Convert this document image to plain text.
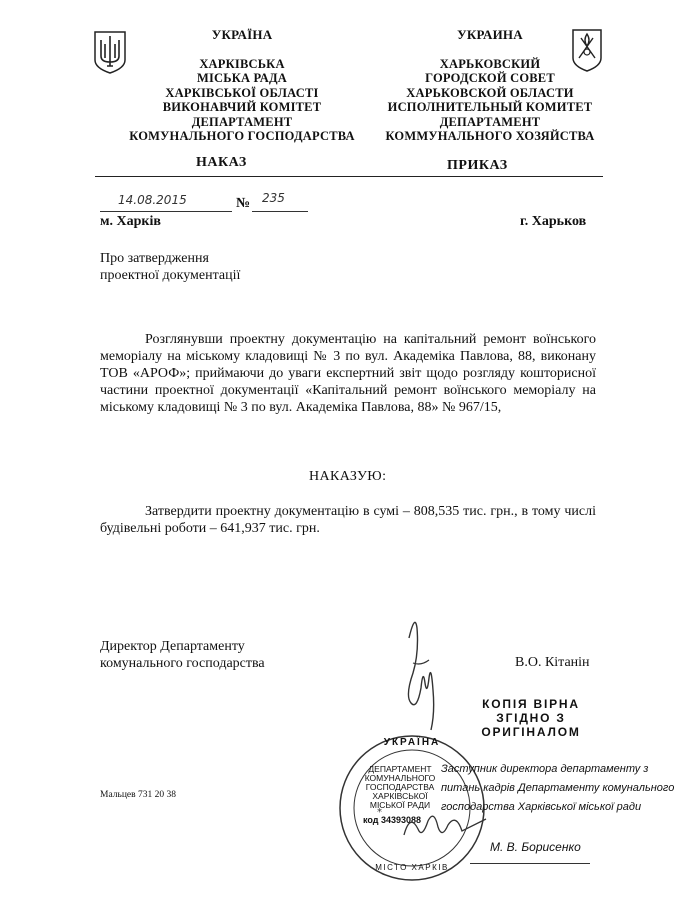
УКРАЇНА
ХАРКІВСЬКА
МІСЬКА РАДА
ХАРКІВСЬКОЇ ОБЛАСТІ
ВИКОНАВЧИЙ КОМІТЕТ
ДЕПАРТАМЕНТ
КОМУНАЛЬНОГО ГОСПОДАРСТВА
УКРАИНА
ХАРЬКОВСКИЙ
ГОРОДСКОЙ СОВЕТ
ХАРЬКОВСКОЙ ОБЛАСТИ
ИСПОЛНИТЕЛЬНЫЙ КОМИТЕТ
ДЕПАРТАМЕНТ
КОММУНАЛЬНОГО ХОЗЯЙСТВА
НАКАЗ	ПРИКАЗ
14.08.2015	№ 235
м. Харків	г. Харьков
Про затвердження
проектної документації
Розглянувши проектну документацію на капітальний ремонт воїнського меморіалу на міському кладовищі № 3 по вул. Академіка Павлова, 88, виконану ТОВ «АРОФ»; приймаючи до уваги експертний звіт щодо розгляду кошторисної частини проектної документації «Капітальний ремонт воїнського меморіалу на міському кладовищі № 3 по вул. Академіка Павлова, 88» № 967/15,
НАКАЗУЮ:
Затвердити проектну документацію в сумі – 808,535 тис. грн., в тому числі будівельні роботи – 641,937 тис. грн.
Директор Департаменту
комунального господарства	В.О. Кітанін
КОПІЯ ВІРНА
ЗГІДНО З
ОРИГІНАЛОМ
*
УКРАЇНА
ДЕПАРТАМЕНТ
КОМУНАЛЬНОГО
ГОСПОДАРСТВА
ХАРКІВСЬКОЇ
МІСЬКОЇ РАДИ
код 34393088
МІСТО ХАРКІВ
Заступник директора департаменту з
питань кадрів Департаменту комунального
господарства Харківської міської ради
М. В. Борисенко
Мальцев 731 20 38
